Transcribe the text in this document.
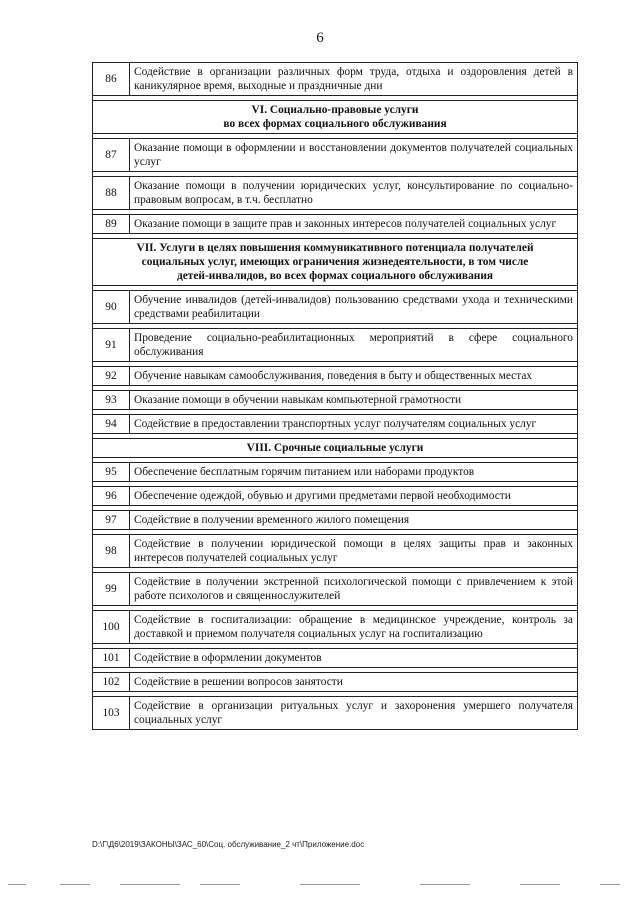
6
86	Содействие в организации различных форм труда, отдыха и оздоровления детей в каникулярное время, выходные и праздничные дни

VI. Социально-правовые услуги
во всех формах социального обслуживания	

87	Оказание помощи в оформлении и восстановлении документов получателей социальных услуг

88	Оказание помощи в получении юридических услуг, консультирование по социально-правовым вопросам, в т.ч. бесплатно

89	Оказание помощи в защите прав и законных интересов получателей социальных услуг

VII. Услуги в целях повышения коммуникативного потенциала получателей
социальных услуг, имеющих ограничения жизнедеятельности, в том числе
детей-инвалидов, во всех формах социального обслуживания	

90	Обучение инвалидов (детей-инвалидов) пользованию средствами ухода и техническими средствами реабилитации

91	Проведение социально-реабилитационных мероприятий в сфере социального обслуживания

92	Обучение навыкам самообслуживания, поведения в быту и общественных местах

93	Оказание помощи в обучении навыкам компьютерной грамотности

94	Содействие в предоставлении транспортных услуг получателям социальных услуг

VIII. Срочные социальные услуги	

95	Обеспечение бесплатным горячим питанием или наборами продуктов

96	Обеспечение одеждой, обувью и другими предметами первой необходимости

97	Содействие в получении временного жилого помещения

98	Содействие в получении юридической помощи в целях защиты прав и законных интересов получателей социальных услуг

99	Содействие в получении экстренной психологической помощи с привлечением к этой работе психологов и священнослужителей

100	Содействие в госпитализации: обращение в медицинское учреждение, контроль за доставкой и приемом получателя социальных услуг на госпитализацию

101	Содействие в оформлении документов

102	Содействие в решении вопросов занятости

103	Содействие в организации ритуальных услуг и захоронения умершего получателя социальных услуг
D:\Г\Д6\2019\ЗАКОНЫ\ЗАС_60\Соц. обслуживание_2 чт\Приложение.doc
